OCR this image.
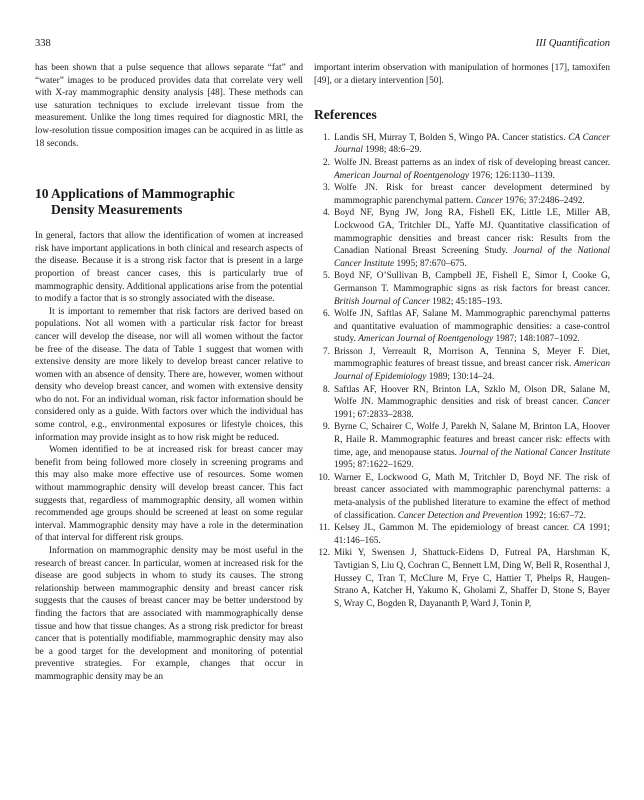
338	III Quantification

has been shown that a pulse sequence that allows separate “fat” and “water” images to be produced provides data that correlate very well with X-ray mammographic density analysis [48]. These methods can use saturation techniques to exclude irrelevant tissue from the measurement. Unlike the long times required for diagnostic MRI, the low-resolution tissue composition images can be acquired in as little as 18 seconds.

10 Applications of Mammographic
Density Measurements

In general, factors that allow the identification of women at increased risk have important applications in both clinical and research aspects of the disease. Because it is a strong risk factor that is present in a large proportion of breast cancer cases, this is particularly true of mammographic density. Additional applications arise from the potential to modify a factor that is so strongly associated with the disease.

It is important to remember that risk factors are derived based on populations. Not all women with a particular risk factor for breast cancer will develop the disease, nor will all women without the factor be free of the disease. The data of Table 1 suggest that women with extensive density are more likely to develop breast cancer relative to women with an absence of density. There are, however, women without density who develop breast cancer, and women with extensive density who do not. For an individual woman, risk factor information should be considered only as a guide. With factors over which the individual has some control, e.g., environmental exposures or lifestyle choices, this information may provide insight as to how risk might be reduced.

Women identified to be at increased risk for breast cancer may benefit from being followed more closely in screening programs and this may also make more effective use of resources. Some women without mammographic density will develop breast cancer. This fact suggests that, regardless of mammographic density, all women within recommended age groups should be screened at least on some regular interval. Mammographic density may have a role in the determination of that interval for different risk groups.

Information on mammographic density may be most useful in the research of breast cancer. In particular, women at increased risk for the disease are good subjects in whom to study its causes. The strong relationship between mammographic density and breast cancer risk suggests that the causes of breast cancer may be better understood by finding the factors that are associated with mammographically dense tissue and how that tissue changes. As a strong risk predictor for breast cancer that is potentially modifiable, mammographic density may also be a good target for the development and monitoring of potential preventive strategies. For example, changes that occur in mammographic density may be an

important interim observation with manipulation of hormones [17], tamoxifen [49], or a dietary intervention [50].

References
1. Landis SH, Murray T, Bolden S, Wingo PA. Cancer statistics. CA Cancer Journal 1998; 48:6–29.
2. Wolfe JN. Breast patterns as an index of risk of developing breast cancer. American Journal of Roentgenology 1976; 126:1130–1139.
3. Wolfe JN. Risk for breast cancer development determined by mammographic parenchymal pattern. Cancer 1976; 37:2486–2492.
4. Boyd NF, Byng JW, Jong RA, Fishell EK, Little LE, Miller AB, Lockwood GA, Tritchler DL, Yaffe MJ. Quantitative classification of mammographic densities and breast cancer risk: Results from the Canadian National Breast Screening Study. Journal of the National Cancer Institute 1995; 87:670–675.
5. Boyd NF, O’Sullivan B, Campbell JE, Fishell E, Simor I, Cooke G, Germanson T. Mammographic signs as risk factors for breast cancer. British Journal of Cancer 1982; 45:185–193.
6. Wolfe JN, Saftlas AF, Salane M. Mammographic parenchymal patterns and quantitative evaluation of mammographic densities: a case-control study. American Journal of Roentgenology 1987; 148:1087–1092.
7. Brisson J, Verreault R, Morrison A, Tennina S, Meyer F. Diet, mammographic features of breast tissue, and breast cancer risk. American Journal of Epidemiology 1989; 130:14–24.
8. Saftlas AF, Hoover RN, Brinton LA, Szklo M, Olson DR, Salane M, Wolfe JN. Mammographic densities and risk of breast cancer. Cancer 1991; 67:2833–2838.
9. Byrne C, Schairer C, Wolfe J, Parekh N, Salane M, Brinton LA, Hoover R, Haile R. Mammographic features and breast cancer risk: effects with time, age, and menopause status. Journal of the National Cancer Institute 1995; 87:1622–1629.
10. Warner E, Lockwood G, Math M, Tritchler D, Boyd NF. The risk of breast cancer associated with mammographic parenchymal patterns: a meta-analysis of the published literature to examine the effect of method of classification. Cancer Detection and Prevention 1992; 16:67–72.
11. Kelsey JL, Gammon M. The epidemiology of breast cancer. CA 1991; 41:146–165.
12. Miki Y, Swensen J, Shattuck-Eidens D, Futreal PA, Harshman K, Tavtigian S, Liu Q, Cochran C, Bennett LM, Ding W, Bell R, Rosenthal J, Hussey C, Tran T, McClure M, Frye C, Hattier T, Phelps R, Haugen-Strano A, Katcher H, Yakumo K, Gholami Z, Shaffer D, Stone S, Bayer S, Wray C, Bogden R, Dayananth P, Ward J, Tonin P,
